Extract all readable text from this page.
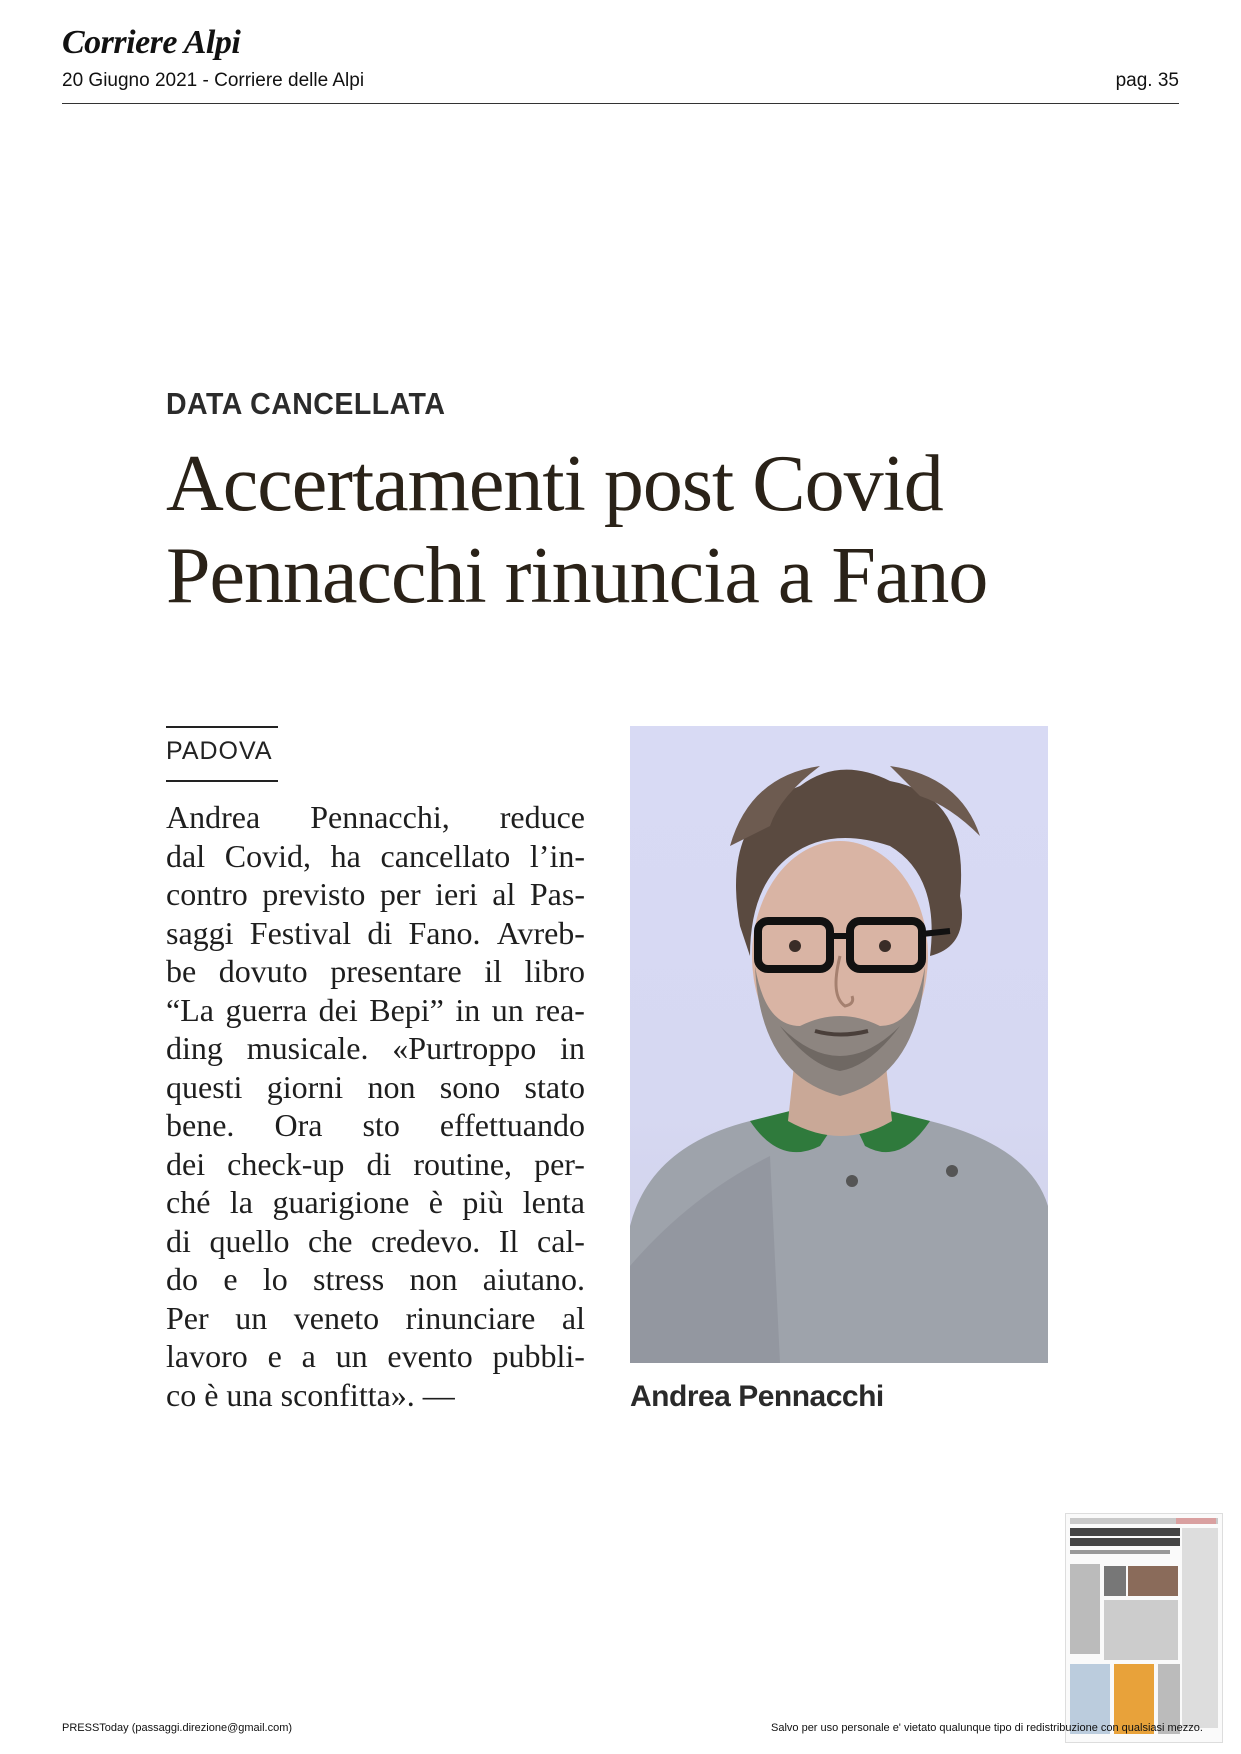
Corriere Alpi
20 Giugno 2021 - Corriere delle Alpi	pag. 35
DATA CANCELLATA
Accertamenti post Covid
Pennacchi rinuncia a Fano
PADOVA
Andrea Pennacchi, reduce
dal Covid, ha cancellato l’in-
contro previsto per ieri al Pas-
saggi Festival di Fano. Avreb-
be dovuto presentare il libro
“La guerra dei Bepi” in un rea-
ding musicale. «Purtroppo in
questi giorni non sono stato
bene. Ora sto effettuando
dei check-up di routine, per-
ché la guarigione è più lenta
di quello che credevo. Il cal-
do e lo stress non aiutano.
Per un veneto rinunciare al
lavoro e a un evento pubbli-
co è una sconfitta». —	Andrea Pennacchi
PRESSToday (passaggi.direzione@gmail.com)	Salvo per uso personale e' vietato qualunque tipo di redistribuzione con qualsiasi mezzo.
